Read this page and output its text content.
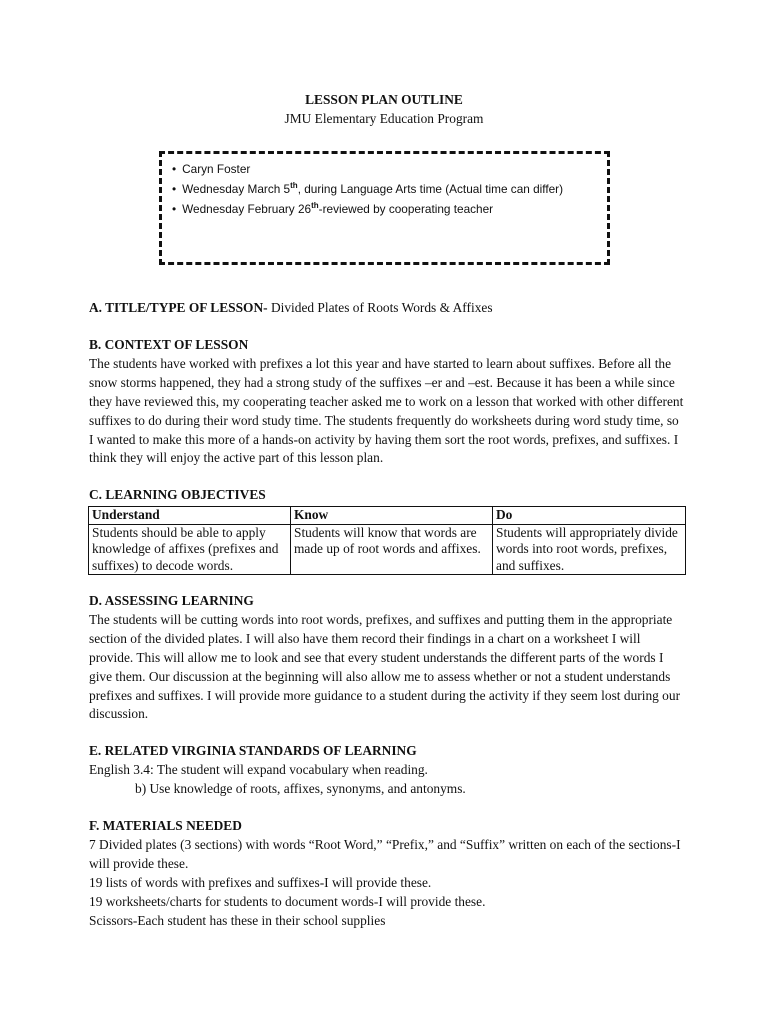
LESSON PLAN OUTLINE
JMU Elementary Education Program
• Caryn Foster
• Wednesday March 5th, during Language Arts time (Actual time can differ)
• Wednesday February 26th-reviewed by cooperating teacher
A. TITLE/TYPE OF LESSON- Divided Plates of Roots Words & Affixes
B. CONTEXT OF LESSON

The students have worked with prefixes a lot this year and have started to learn about suffixes. Before all the snow storms happened, they had a strong study of the suffixes –er and –est. Because it has been a while since they have reviewed this, my cooperating teacher asked me to work on a lesson that worked with other different suffixes to do during their word study time. The students frequently do worksheets during word study time, so I wanted to make this more of a hands-on activity by having them sort the root words, prefixes, and suffixes. I think they will enjoy the active part of this lesson plan.

C. LEARNING OBJECTIVES
Understand	Know	Do
Students should be able to apply knowledge of affixes (prefixes and suffixes) to decode words.	Students will know that words are made up of root words and affixes.	Students will appropriately divide words into root words, prefixes, and suffixes.
D. ASSESSING LEARNING

The students will be cutting words into root words, prefixes, and suffixes and putting them in the appropriate section of the divided plates. I will also have them record their findings in a chart on a worksheet I will provide. This will allow me to look and see that every student understands the different parts of the words I give them. Our discussion at the beginning will also allow me to assess whether or not a student understands prefixes and suffixes. I will provide more guidance to a student during the activity if they seem lost during our discussion.

E. RELATED VIRGINIA STANDARDS OF LEARNING
English 3.4: The student will expand vocabulary when reading.
b) Use knowledge of roots, affixes, synonyms, and antonyms.
F. MATERIALS NEEDED
7 Divided plates (3 sections) with words “Root Word,” “Prefix,” and “Suffix” written on each of the sections-I will provide these.
19 lists of words with prefixes and suffixes-I will provide these.
19 worksheets/charts for students to document words-I will provide these.
Scissors-Each student has these in their school supplies
